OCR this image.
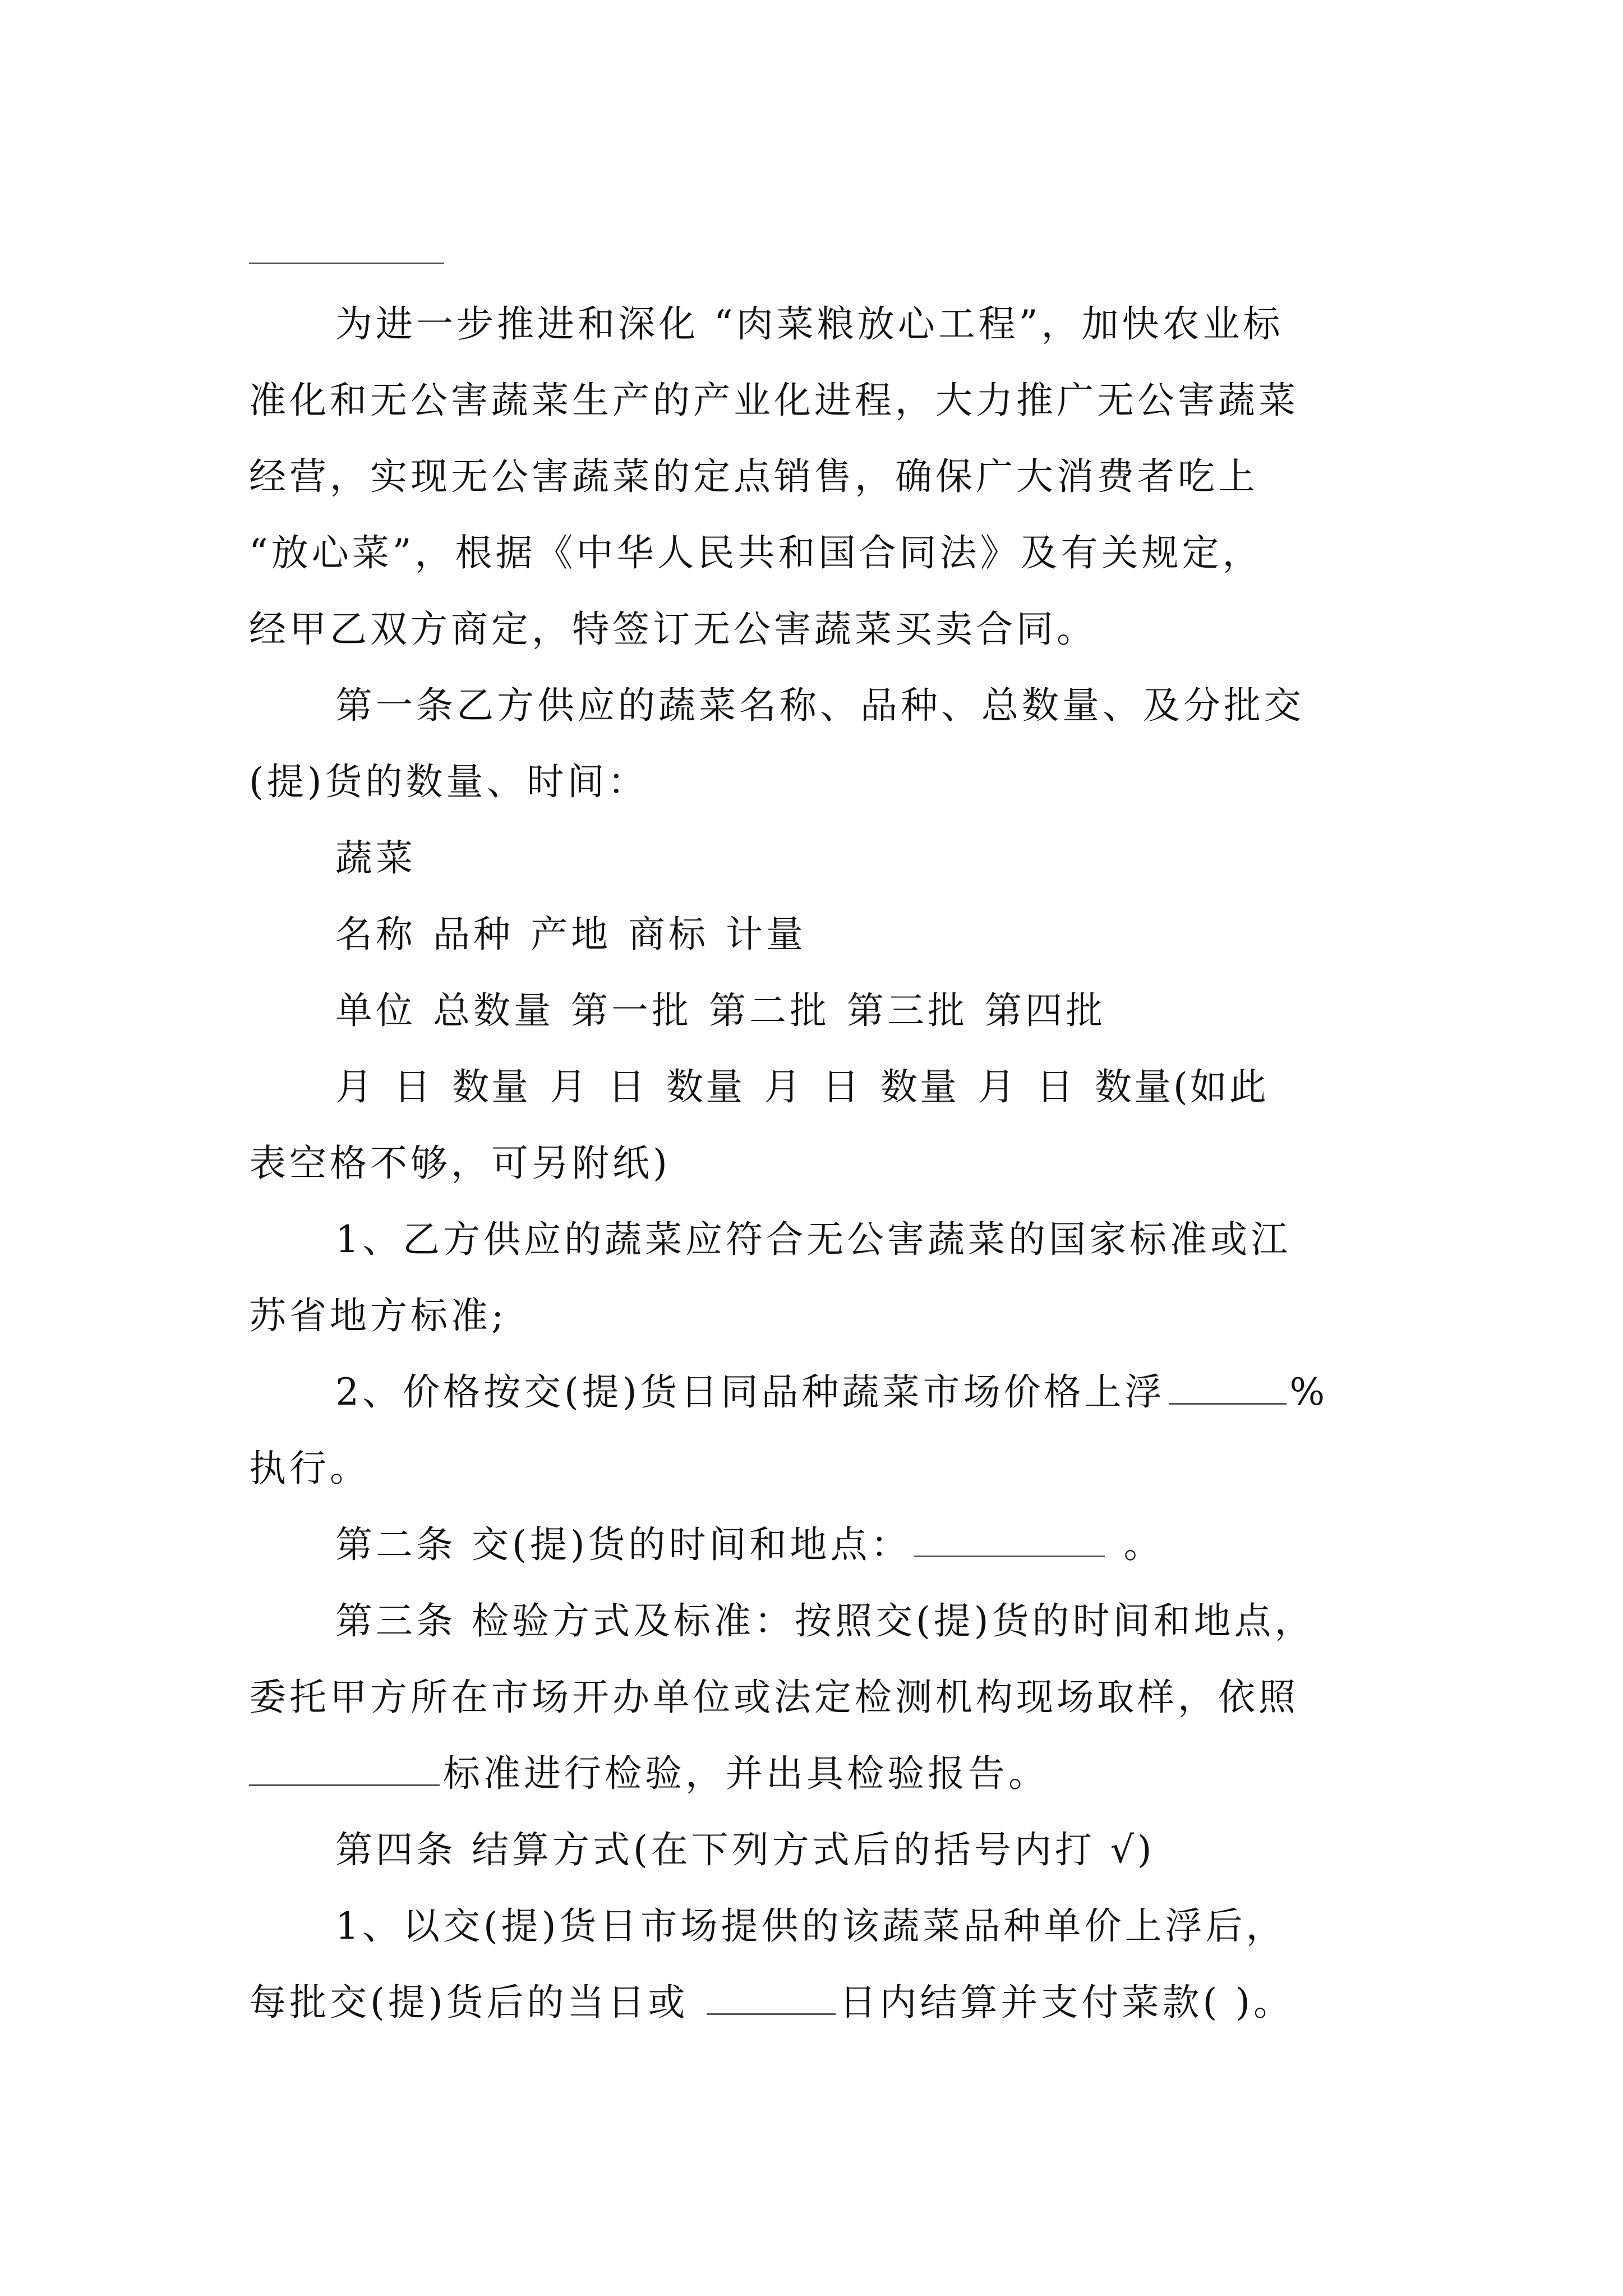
为进一步推进和深化 “肉菜粮放心工程”，加快农业标

准化和无公害蔬菜生产的产业化进程，大力推广无公害蔬菜

经营，实现无公害蔬菜的定点销售，确保广大消费者吃上

“放心菜”，根据《中华人民共和国合同法》及有关规定，

经甲乙双方商定，特签订无公害蔬菜买卖合同。

第一条乙方供应的蔬菜名称、品种、总数量、及分批交

(提)货的数量、时间：

蔬菜

名称 品种 产地 商标 计量

单位 总数量 第一批 第二批 第三批 第四批

月 日 数量 月 日 数量 月 日 数量 月 日 数量(如此

表空格不够，可另附纸)

1、乙方供应的蔬菜应符合无公害蔬菜的国家标准或江

苏省地方标准;

2、价格按交(提)货日同品种蔬菜市场价格上浮	%

执行。

第二条 交(提)货的时间和地点：	。

第三条 检验方式及标准：按照交(提)货的时间和地点，

委托甲方所在市场开办单位或法定检测机构现场取样，依照

标准进行检验，并出具检验报告。

第四条 结算方式(在下列方式后的括号内打 √)

1、以交(提)货日市场提供的该蔬菜品种单价上浮后，

每批交(提)货后的当日或	日内结算并支付菜款( )。
